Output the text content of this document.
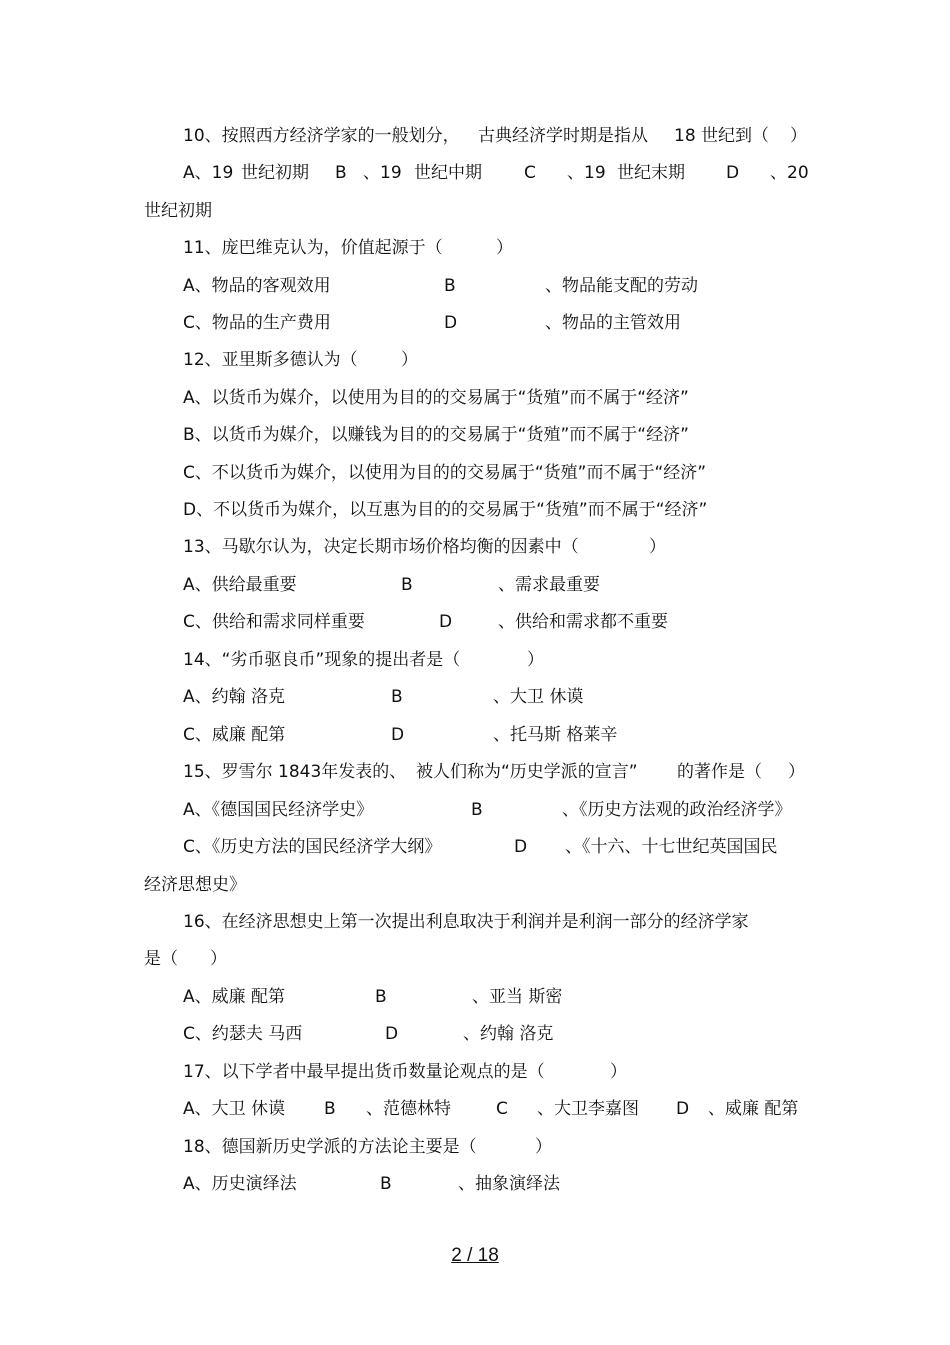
10、按照西方经济学家的一般划分， 古典经济学时期是指从 18 世纪到（ ）
A、19 世纪初期 B 、19 世纪中期 C 、19 世纪末期 D 、20
世纪初期
11、庞巴维克认为，价值起源于（	）
A、物品的客观效用	B	、物品能支配的劳动
C、物品的生产费用	D	、物品的主管效用
12、亚里斯多德认为（	）
A、以货币为媒介，以使用为目的的交易属于“货殖”而不属于“经济”
B、以货币为媒介，以赚钱为目的的交易属于“货殖”而不属于“经济”
C、不以货币为媒介，以使用为目的的交易属于“货殖”而不属于“经济”
D、不以货币为媒介，以互惠为目的的交易属于“货殖”而不属于“经济”
13、马歇尔认为，决定长期市场价格均衡的因素中（	）
A、供给最重要	B	、需求最重要
C、供给和需求同样重要	D	、供给和需求都不重要
14、“劣币驱良币”现象的提出者是（	）
A、约翰 洛克	B	、大卫 休谟
C、威廉 配第	D	、托马斯 格莱辛
15、罗雪尔 1843年发表的、 被人们称为“历史学派的宣言” 的著作是（ ）
A、《德国国民经济学史》	B	、《历史方法观的政治经济学》
C、《历史方法的国民经济学大纲》	D 、《十六、十七世纪英国国民
经济思想史》
16、在经济思想史上第一次提出利息取决于利润并是利润一部分的经济学家
是（ ）
A、威廉 配第	B	、亚当 斯密
C、约瑟夫 马西	D	、约翰 洛克
17、以下学者中最早提出货币数量论观点的是（	）
A、大卫 休谟 B 、范德林特	C 、大卫李嘉图 D 、威廉 配第
18、德国新历史学派的方法论主要是（	）
A、历史演绎法	B	、抽象演绎法
2 / 18
